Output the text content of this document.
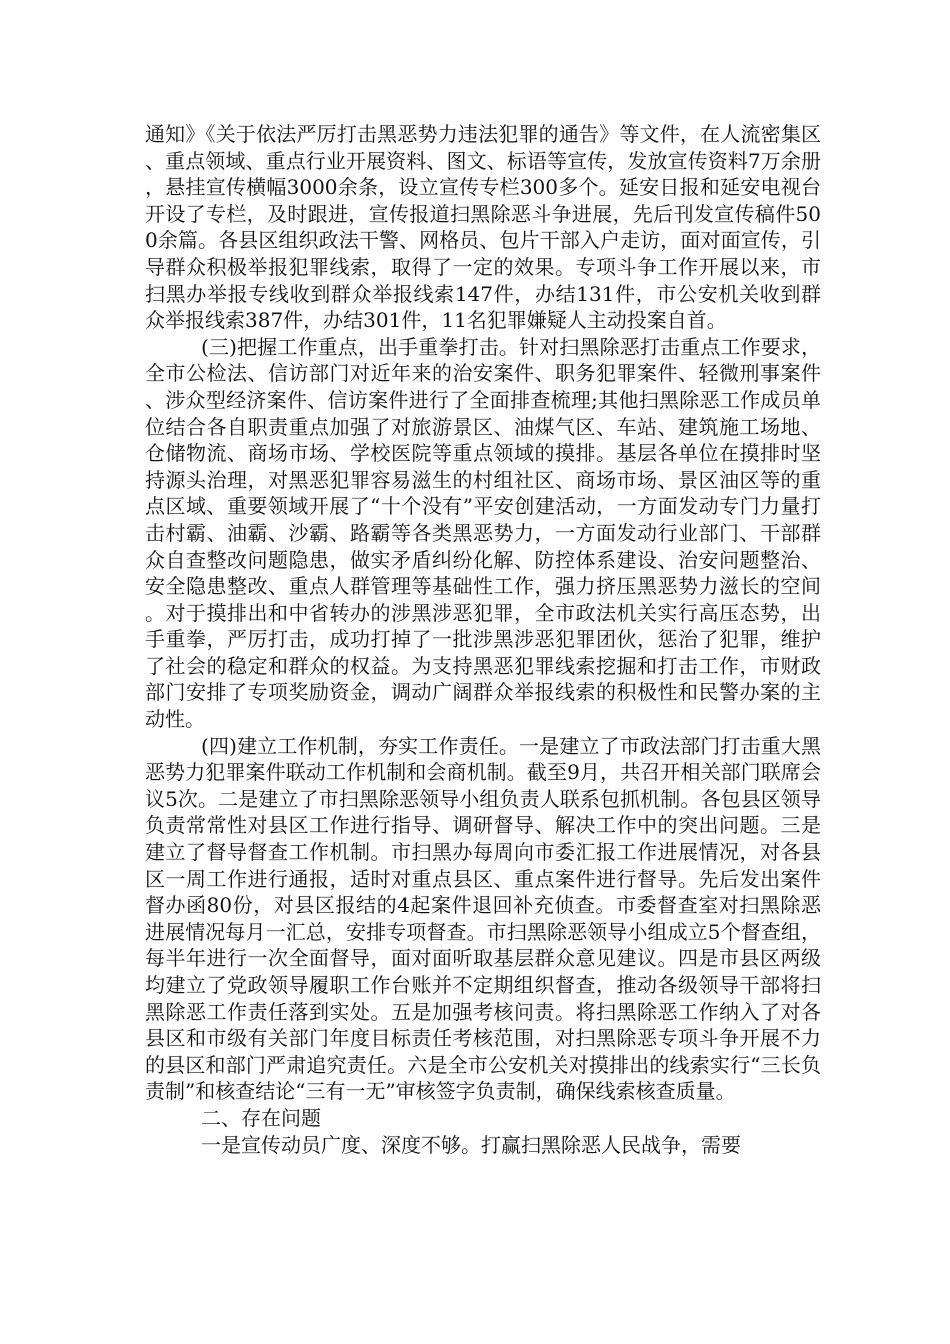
通知》《关于依法严厉打击黑恶势力违法犯罪的通告》等文件，在人流密集区、重点领域、重点行业开展资料、图文、标语等宣传，发放宣传资料7万余册，悬挂宣传横幅3000余条，设立宣传专栏300多个。延安日报和延安电视台开设了专栏，及时跟进，宣传报道扫黑除恶斗争进展，先后刊发宣传稿件500余篇。各县区组织政法干警、网格员、包片干部入户走访，面对面宣传，引导群众积极举报犯罪线索，取得了一定的效果。专项斗争工作开展以来，市扫黑办举报专线收到群众举报线索147件，办结131件，市公安机关收到群众举报线索387件，办结301件，11名犯罪嫌疑人主动投案自首。

(三)把握工作重点，出手重拳打击。针对扫黑除恶打击重点工作要求，全市公检法、信访部门对近年来的治安案件、职务犯罪案件、轻微刑事案件、涉众型经济案件、信访案件进行了全面排查梳理;其他扫黑除恶工作成员单位结合各自职责重点加强了对旅游景区、油煤气区、车站、建筑施工场地、仓储物流、商场市场、学校医院等重点领域的摸排。基层各单位在摸排时坚持源头治理，对黑恶犯罪容易滋生的村组社区、商场市场、景区油区等的重点区域、重要领域开展了“十个没有”平安创建活动，一方面发动专门力量打击村霸、油霸、沙霸、路霸等各类黑恶势力，一方面发动行业部门、干部群众自查整改问题隐患，做实矛盾纠纷化解、防控体系建设、治安问题整治、安全隐患整改、重点人群管理等基础性工作，强力挤压黑恶势力滋长的空间。对于摸排出和中省转办的涉黑涉恶犯罪，全市政法机关实行高压态势，出手重拳，严厉打击，成功打掉了一批涉黑涉恶犯罪团伙，惩治了犯罪，维护了社会的稳定和群众的权益。为支持黑恶犯罪线索挖掘和打击工作，市财政部门安排了专项奖励资金，调动广阔群众举报线索的积极性和民警办案的主动性。

(四)建立工作机制，夯实工作责任。一是建立了市政法部门打击重大黑恶势力犯罪案件联动工作机制和会商机制。截至9月，共召开相关部门联席会议5次。二是建立了市扫黑除恶领导小组负责人联系包抓机制。各包县区领导负责常常性对县区工作进行指导、调研督导、解决工作中的突出问题。三是建立了督导督查工作机制。市扫黑办每周向市委汇报工作进展情况，对各县区一周工作进行通报，适时对重点县区、重点案件进行督导。先后发出案件督办函80份，对县区报结的4起案件退回补充侦查。市委督查室对扫黑除恶进展情况每月一汇总，安排专项督查。市扫黑除恶领导小组成立5个督查组，每半年进行一次全面督导，面对面听取基层群众意见建议。四是市县区两级均建立了党政领导履职工作台账并不定期组织督查，推动各级领导干部将扫黑除恶工作责任落到实处。五是加强考核问责。将扫黑除恶工作纳入了对各县区和市级有关部门年度目标责任考核范围，对扫黑除恶专项斗争开展不力的县区和部门严肃追究责任。六是全市公安机关对摸排出的线索实行“三长负责制”和核查结论“三有一无”审核签字负责制，确保线索核查质量。

二、存在问题

一是宣传动员广度、深度不够。打赢扫黑除恶人民战争，需要
